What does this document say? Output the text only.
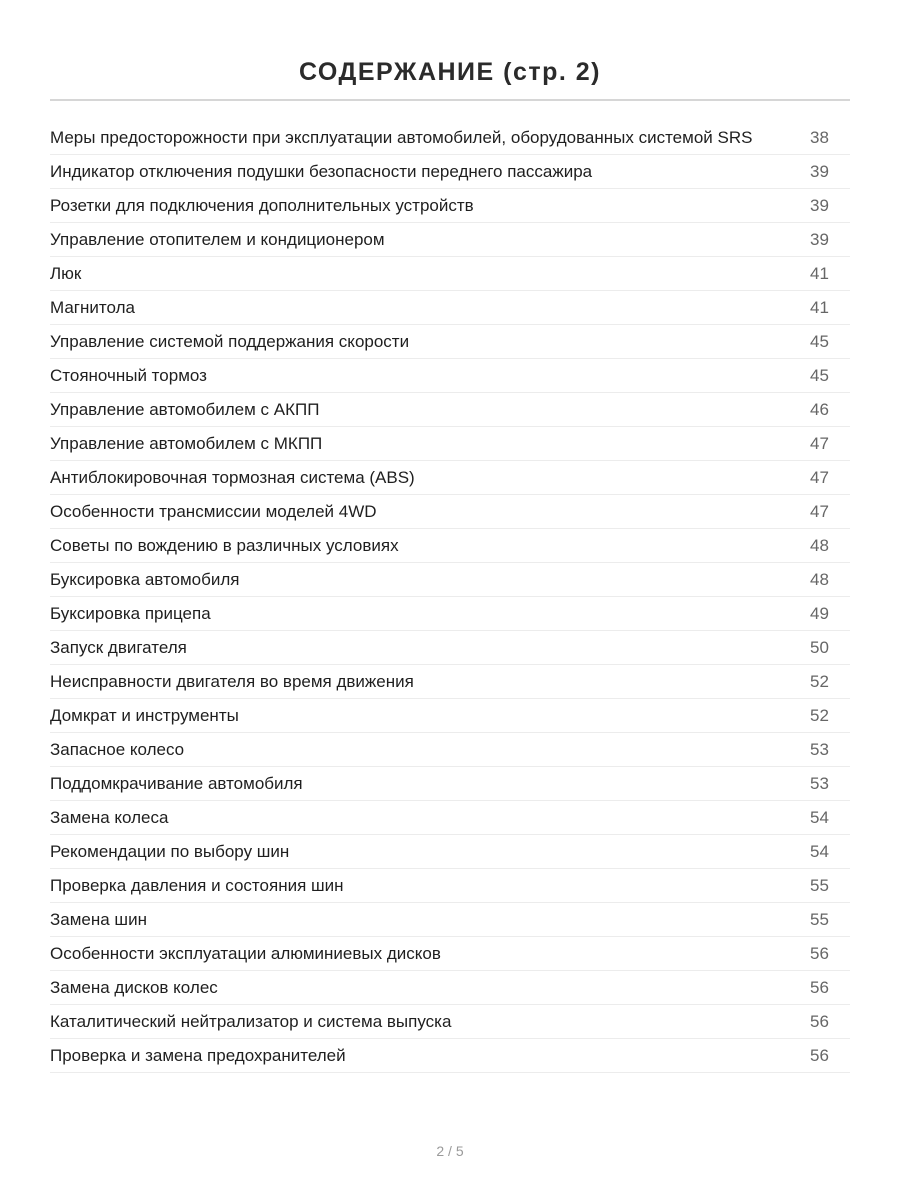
СОДЕРЖАНИЕ (стр. 2)
Меры предосторожности при эксплуатации автомобилей, оборудованных системой SRS	38
Индикатор отключения подушки безопасности переднего пассажира	39
Розетки для подключения дополнительных устройств	39
Управление отопителем и кондиционером	39
Люк	41
Магнитола	41
Управление системой поддержания скорости	45
Стояночный тормоз	45
Управление автомобилем с АКПП	46
Управление автомобилем с МКПП	47
Антиблокировочная тормозная система (ABS)	47
Особенности трансмиссии моделей 4WD	47
Советы по вождению в различных условиях	48
Буксировка автомобиля	48
Буксировка прицепа	49
Запуск двигателя	50
Неисправности двигателя во время движения	52
Домкрат и инструменты	52
Запасное колесо	53
Поддомкрачивание автомобиля	53
Замена колеса	54
Рекомендации по выбору шин	54
Проверка давления и состояния шин	55
Замена шин	55
Особенности эксплуатации алюминиевых дисков	56
Замена дисков колес	56
Каталитический нейтрализатор и система выпуска	56
Проверка и замена предохранителей	56
2 / 5
